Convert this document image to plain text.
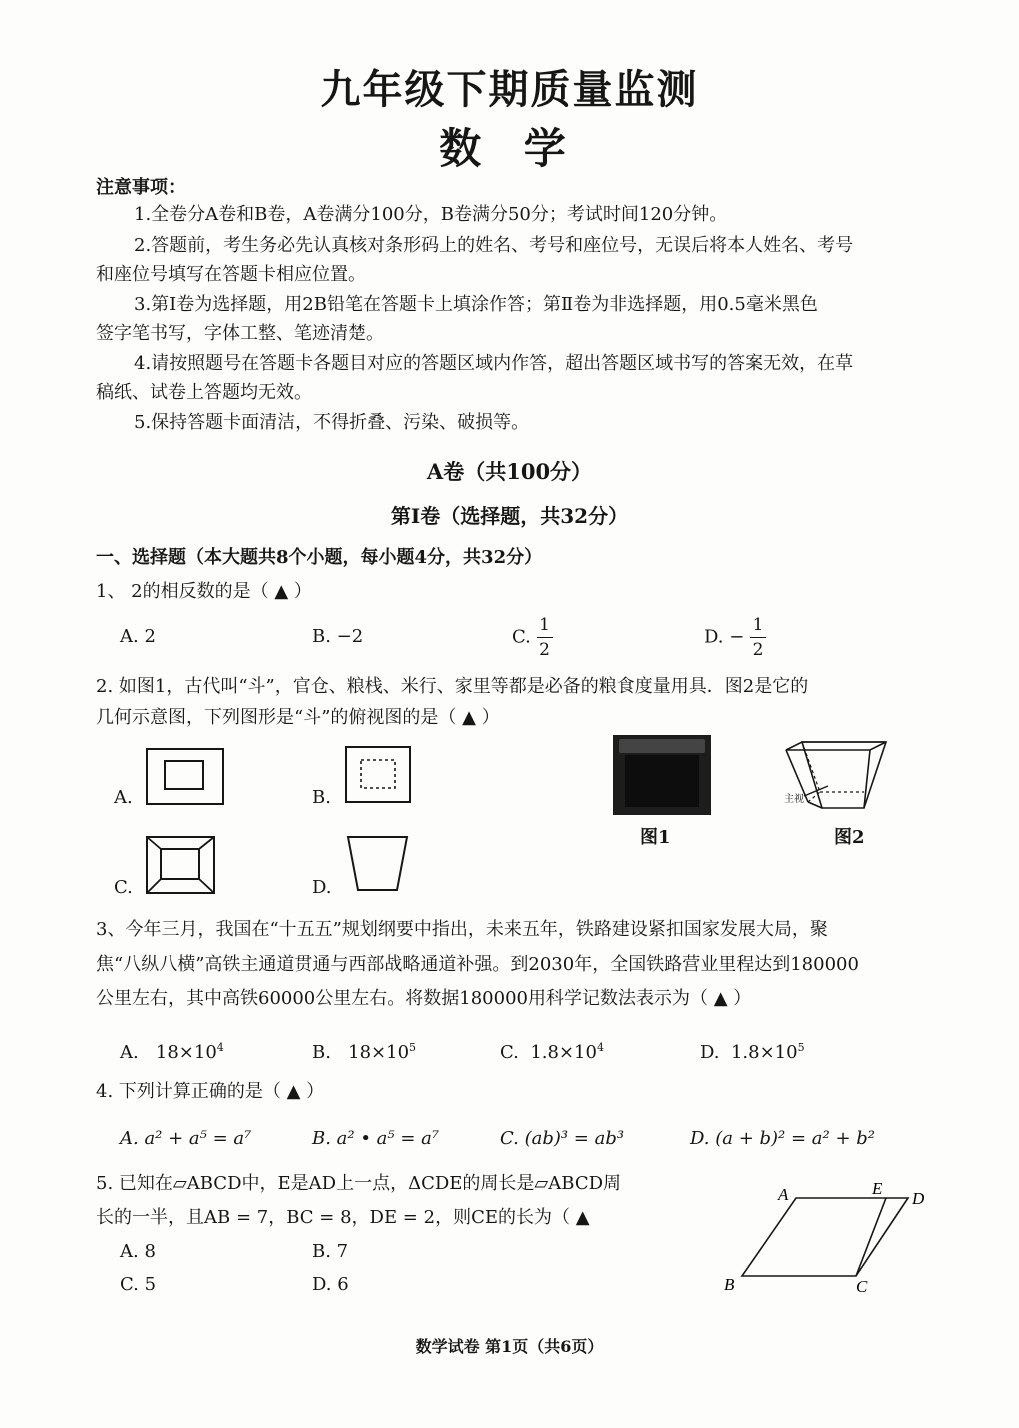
九年级下期质量监测
数 学
注意事项：
1.全卷分A卷和B卷，A卷满分100分，B卷满分50分；考试时间120分钟。
2.答题前，考生务必先认真核对条形码上的姓名、考号和座位号，无误后将本人姓名、考号
和座位号填写在答题卡相应位置。
3.第Ⅰ卷为选择题，用2B铅笔在答题卡上填涂作答；第Ⅱ卷为非选择题，用0.5毫米黑色
签字笔书写，字体工整、笔迹清楚。
4.请按照题号在答题卡各题目对应的答题区域内作答，超出答题区域书写的答案无效，在草
稿纸、试卷上答题均无效。
5.保持答题卡面清洁，不得折叠、污染、破损等。
A卷（共100分）
第Ⅰ卷（选择题，共32分）
一、选择题（本大题共8个小题，每小题4分，共32分）
1、 2的相反数的是（ ▲ ）
A. 2	B. −2	C. $\frac{1}{2}$	D. − $\frac{1}{2}$
2. 如图1，古代叫“斗”，官仓、粮栈、米行、家里等都是必备的粮食度量用具．图2是它的
几何示意图，下列图形是“斗”的俯视图的是（ ▲ ）
A.	B.
C.	D.
图1
主视
图2
3、今年三月，我国在“十五五”规划纲要中指出，未来五年，铁路建设紧扣国家发展大局，聚
焦“八纵八横”高铁主通道贯通与西部战略通道补强。到2030年，全国铁路营业里程达到180000
公里左右，其中高铁60000公里左右。将数据180000用科学记数法表示为（ ▲ ）
A. $18\times 10^4$	B. $18\times 10^5$	C. $1.8\times 10^4$	D. $1.8\times 10^5$
4. 下列计算正确的是（ ▲ ）
A. a² + a⁵ = a⁷	B. a² • a⁵ = a⁷	C. (ab)³ = ab³	D. (a + b)² = a² + b²
5. 已知在▱ABCD中，E是AD上一点，ΔCDE的周长是▱ABCD周
长的一半，且AB = 7，BC = 8，DE = 2，则CE的长为（ ▲
A. 8	B. 7
C. 5	D. 6
A	E
D
B	C
数学试卷 第1页（共6页）
